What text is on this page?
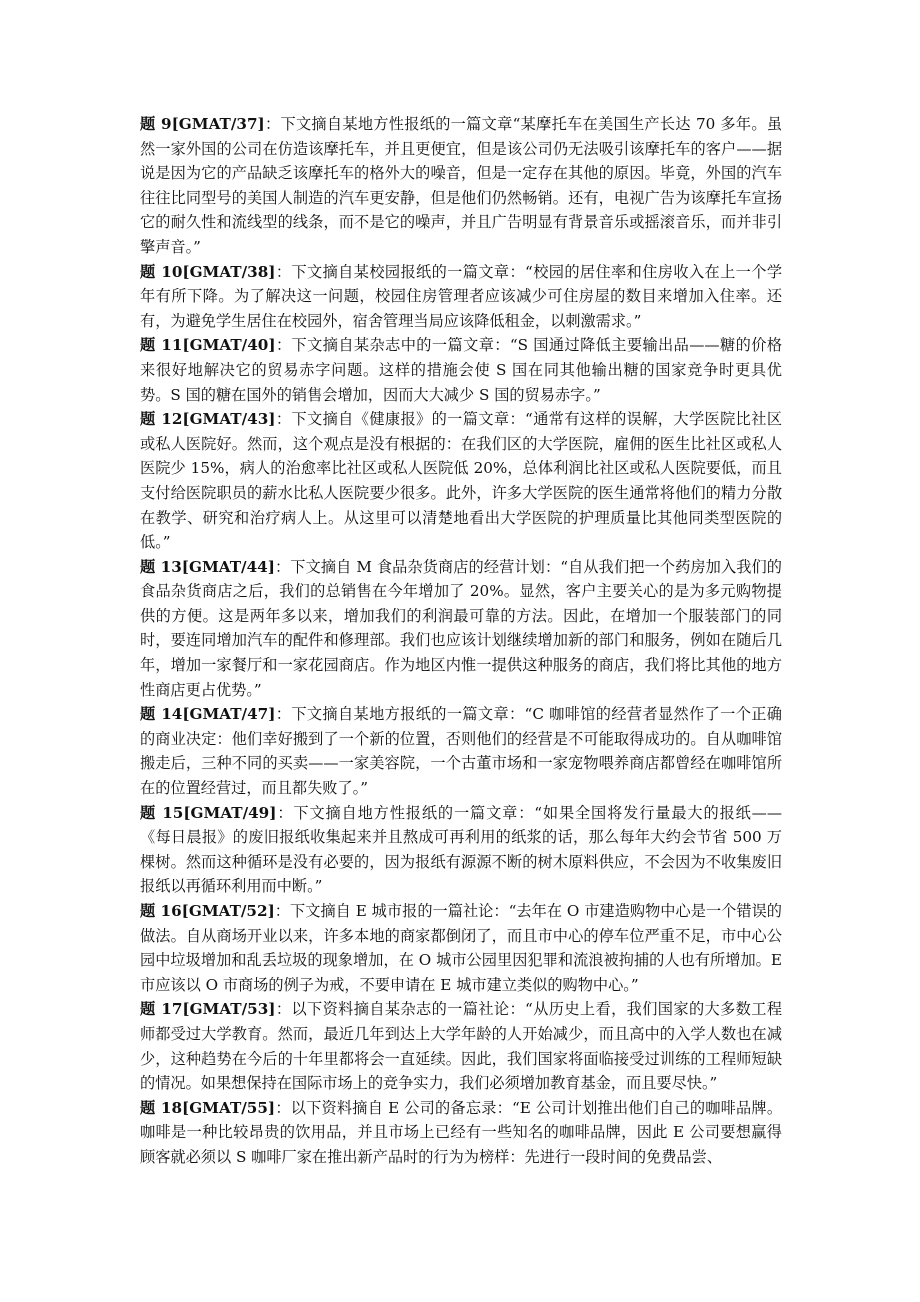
题 9[GMAT/37]：下文摘自某地方性报纸的一篇文章“某摩托车在美国生产长达 70 多年。虽然一家外国的公司在仿造该摩托车，并且更便宜，但是该公司仍无法吸引该摩托车的客户——据说是因为它的产品缺乏该摩托车的格外大的噪音，但是一定存在其他的原因。毕竟，外国的汽车往往比同型号的美国人制造的汽车更安静，但是他们仍然畅销。还有，电视广告为该摩托车宣扬它的耐久性和流线型的线条，而不是它的噪声，并且广告明显有背景音乐或摇滚音乐，而并非引擎声音。”

题 10[GMAT/38]：下文摘自某校园报纸的一篇文章：“校园的居住率和住房收入在上一个学年有所下降。为了解决这一问题，校园住房管理者应该减少可住房屋的数目来增加入住率。还有，为避免学生居住在校园外，宿舍管理当局应该降低租金，以刺激需求。”

题 11[GMAT/40]：下文摘自某杂志中的一篇文章：“S 国通过降低主要输出品——糖的价格来很好地解决它的贸易赤字问题。这样的措施会使 S 国在同其他输出糖的国家竞争时更具优势。S 国的糖在国外的销售会增加，因而大大减少 S 国的贸易赤字。”

题 12[GMAT/43]：下文摘自《健康报》的一篇文章：“通常有这样的误解，大学医院比社区或私人医院好。然而，这个观点是没有根据的：在我们区的大学医院，雇佣的医生比社区或私人医院少 15%，病人的治愈率比社区或私人医院低 20%，总体利润比社区或私人医院要低，而且支付给医院职员的薪水比私人医院要少很多。此外，许多大学医院的医生通常将他们的精力分散在教学、研究和治疗病人上。从这里可以清楚地看出大学医院的护理质量比其他同类型医院的低。”

题 13[GMAT/44]：下文摘自 M 食品杂货商店的经营计划：“自从我们把一个药房加入我们的食品杂货商店之后，我们的总销售在今年增加了 20%。显然，客户主要关心的是为多元购物提供的方便。这是两年多以来，增加我们的利润最可靠的方法。因此，在增加一个服装部门的同时，要连同增加汽车的配件和修理部。我们也应该计划继续增加新的部门和服务，例如在随后几年，增加一家餐厅和一家花园商店。作为地区内惟一提供这种服务的商店，我们将比其他的地方性商店更占优势。”

题 14[GMAT/47]：下文摘自某地方报纸的一篇文章：“C 咖啡馆的经营者显然作了一个正确的商业决定：他们幸好搬到了一个新的位置，否则他们的经营是不可能取得成功的。自从咖啡馆搬走后，三种不同的买卖——一家美容院，一个古董市场和一家宠物喂养商店都曾经在咖啡馆所在的位置经营过，而且都失败了。”

题 15[GMAT/49]：下文摘自地方性报纸的一篇文章：“如果全国将发行量最大的报纸——《每日晨报》的废旧报纸收集起来并且熬成可再利用的纸浆的话，那么每年大约会节省 500 万棵树。然而这种循环是没有必要的，因为报纸有源源不断的树木原料供应，不会因为不收集废旧报纸以再循环利用而中断。”

题 16[GMAT/52]：下文摘自 E 城市报的一篇社论：“去年在 O 市建造购物中心是一个错误的做法。自从商场开业以来，许多本地的商家都倒闭了，而且市中心的停车位严重不足，市中心公园中垃圾增加和乱丢垃圾的现象增加，在 O 城市公园里因犯罪和流浪被拘捕的人也有所增加。E 市应该以 O 市商场的例子为戒，不要申请在 E 城市建立类似的购物中心。”

题 17[GMAT/53]：以下资料摘自某杂志的一篇社论：“从历史上看，我们国家的大多数工程师都受过大学教育。然而，最近几年到达上大学年龄的人开始减少，而且高中的入学人数也在减少，这种趋势在今后的十年里都将会一直延续。因此，我们国家将面临接受过训练的工程师短缺的情况。如果想保持在国际市场上的竞争实力，我们必须增加教育基金，而且要尽快。”

题 18[GMAT/55]：以下资料摘自 E 公司的备忘录：“E 公司计划推出他们自己的咖啡品牌。咖啡是一种比较昂贵的饮用品，并且市场上已经有一些知名的咖啡品牌，因此 E 公司要想赢得顾客就必须以 S 咖啡厂家在推出新产品时的行为为榜样：先进行一段时间的免费品尝、
